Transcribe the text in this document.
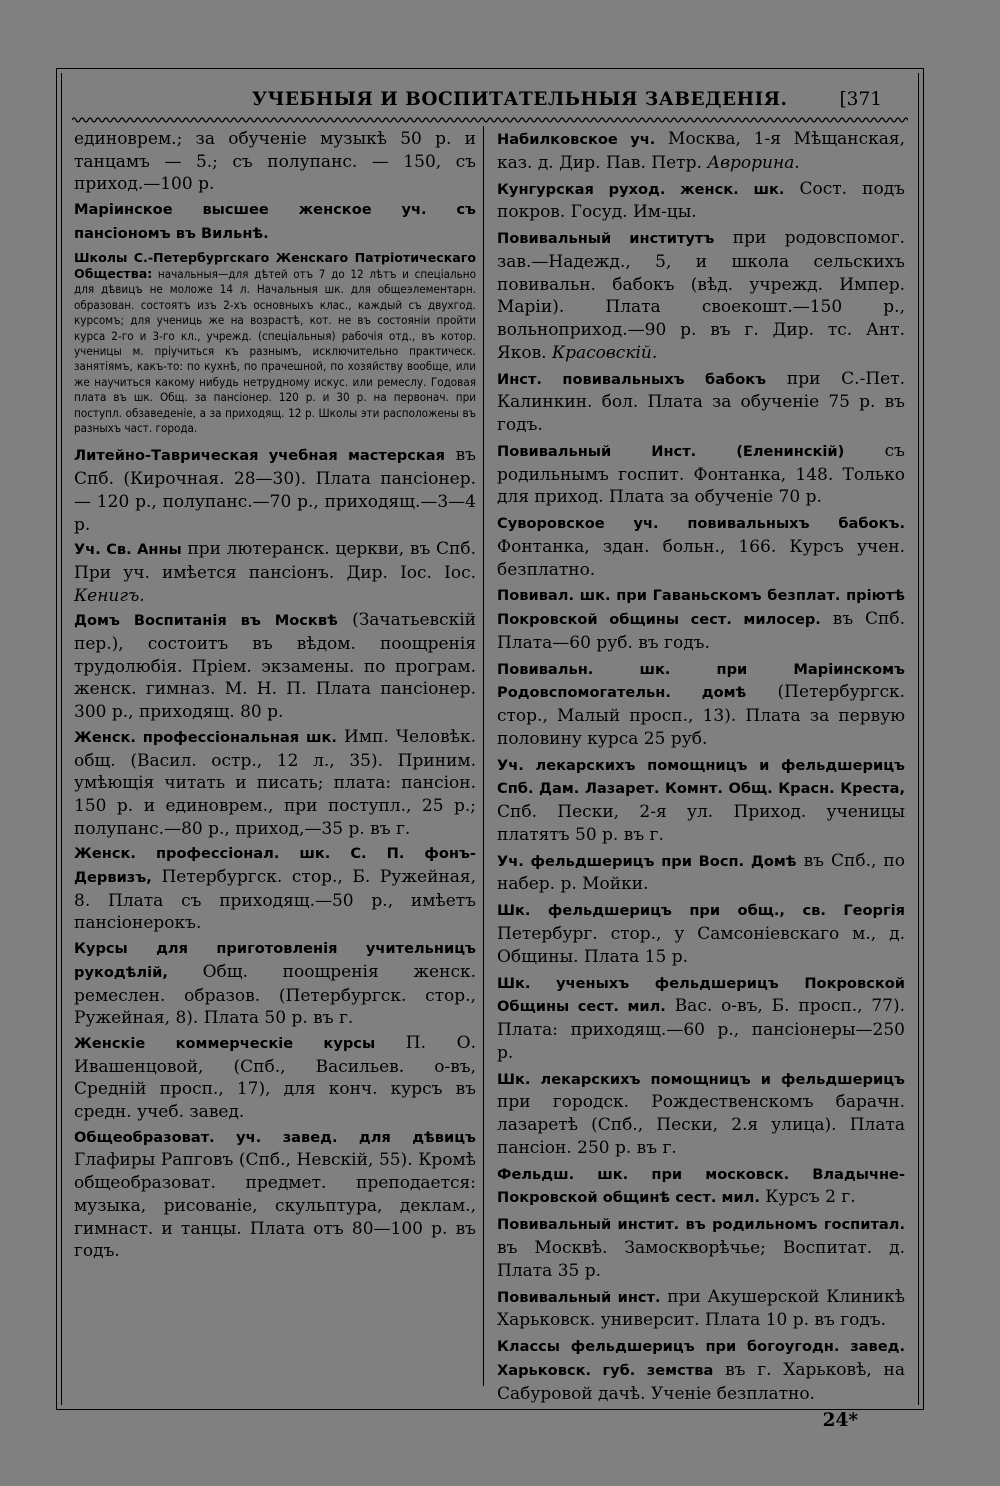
УЧЕБНЫЯ И ВОСПИТАТЕЛЬНЫЯ ЗАВЕДЕНІЯ.	[371

единоврем.; за обученіе музыкѣ 50 р. и танцамъ — 5.; съ полупанс. — 150, съ приход.—100 р.

Маріинское высшее женское уч. съ пансіономъ въ Вильнѣ.

Школы С.-Петербургскаго Женскаго Патріотическаго Общества: начальныя—для дѣтей отъ 7 до 12 лѣтъ и спеціально для дѣвицъ не моложе 14 л. Начальныя шк. для общеэлементарн. образован. состоятъ изъ 2-хъ основныхъ клас., каждый съ двухгод. курсомъ; для учениць же на возрастѣ, кот. не въ состояніи пройти курса 2-го и 3-го кл., учрежд. (спеціальныя) рабочія отд., въ котор. ученицы м. пріучиться къ разнымъ, исключительно практическ. занятіямъ, какъ-то: по кухнѣ, по прачешной, по хозяйству вообще, или же научиться какому нибудь нетрудному искус. или ремеслу. Годовая плата въ шк. Общ. за пансіонер. 120 р. и 30 р. на первонач. при поступл. обзаведеніе, а за приходящ. 12 р. Школы эти расположены въ разныхъ част. города.

Литейно-Таврическая учебная мастерская въ Спб. (Кирочная. 28—30). Плата пансіонер. — 120 р., полупанс.—70 р., приходящ.—3—4 р.

Уч. Св. Анны при лютеранск. церкви, въ Спб. При уч. имѣется пансіонъ. Дир. Іос. Іос. Кенигъ.

Домъ Воспитанія въ Москвѣ (Зачатьевскій пер.), состоитъ въ вѣдом. поощренія трудолюбія. Пріем. экзамены. по програм. женск. гимназ. М. Н. П. Плата пансіонер. 300 р., приходящ. 80 р.

Женск. профессіональная шк. Имп. Человѣк. общ. (Васил. остр., 12 л., 35). Приним. умѣющія читать и писать; плата: пансіон. 150 р. и единоврем., при поступл., 25 р.; полупанс.—80 р., приход,—35 р. въ г.

Женск. профессіонал. шк. С. П. фонъ-Дервизъ, Петербургск. стор., Б. Ружейная, 8. Плата съ приходящ.—50 р., имѣетъ пансіонерокъ.

Курсы для приготовленія учительницъ рукодѣлій, Общ. поощренія женск. ремеслен. образов. (Петербургск. стор., Ружейная, 8). Плата 50 р. въ г.

Женскіе коммерческіе курсы П. О. Ивашенцовой, (Спб., Васильев. о-въ, Средній просп., 17), для конч. курсъ въ средн. учеб. завед.

Общеобразоват. уч. завед. для дѣвицъ Глафиры Рапговъ (Спб., Невскій, 55). Кромѣ общеобразоват. предмет. преподается: музыка, рисованіе, скульптура, деклам., гимнаст. и танцы. Плата отъ 80—100 р. въ годъ.

Набилковское уч. Москва, 1-я Мѣщанская, каз. д. Дир. Пав. Петр. Аврорина.

Кунгурская руход. женск. шк. Сост. подъ покров. Госуд. Им-цы.

Повивальный институтъ при родовспомог. зав.—Надежд., 5, и школа сельскихъ повивальн. бабокъ (вѣд. учрежд. Импер. Маріи). Плата своекошт.—150 р., вольноприход.—90 р. въ г. Дир. тс. Ант. Яков. Красовскій.

Инст. повивальныхъ бабокъ при С.-Пет. Калинкин. бол. Плата за обученіе 75 р. въ годъ.

Повивальный Инст. (Еленинскій) съ родильнымъ госпит. Фонтанка, 148. Только для приход. Плата за обученіе 70 р.

Суворовское уч. повивальныхъ бабокъ. Фонтанка, здан. больн., 166. Курсъ учен. безплатно.

Повивал. шк. при Гаваньскомъ безплат. пріютѣ Покровской общины сест. милосер. въ Спб. Плата—60 руб. въ годъ.

Повивальн. шк. при Маріинскомъ Родовспомогательн. домѣ (Петербургск. стор., Малый просп., 13). Плата за первую половину курса 25 руб.

Уч. лекарскихъ помощницъ и фельдшерицъ Спб. Дам. Лазарет. Комнт. Общ. Красн. Креста, Спб. Пески, 2-я ул. Приход. ученицы платятъ 50 р. въ г.

Уч. фельдшерицъ при Восп. Домѣ въ Спб., по набер. р. Мойки.

Шк. фельдшерицъ при общ., св. Георгія Петербург. стор., у Самсоніевскаго м., д. Общины. Плата 15 р.

Шк. ученыхъ фельдшерицъ Покровской Общины сест. мил. Вас. о-въ, Б. просп., 77). Плата: приходящ.—60 р., пансіонеры—250 р.

Шк. лекарскихъ помощницъ и фельдшерицъ при городск. Рождественскомъ барачн. лазаретѣ (Спб., Пески, 2.я улица). Плата пансіон. 250 р. въ г.

Фельдш. шк. при московск. Владычне-Покровской общинѣ сест. мил. Курсъ 2 г.

Повивальный инстит. въ родильномъ госпитал. въ Москвѣ. Замоскворѣчье; Воспитат. д. Плата 35 р.

Повивальный инст. при Акушерской Клиникѣ Харьковск. университ. Плата 10 р. въ годъ.

Классы фельдшерицъ при богоугодн. завед. Харьковск. губ. земства въ г. Харьковѣ, на Сабуровой дачѣ. Ученіе безплатно.

24*
